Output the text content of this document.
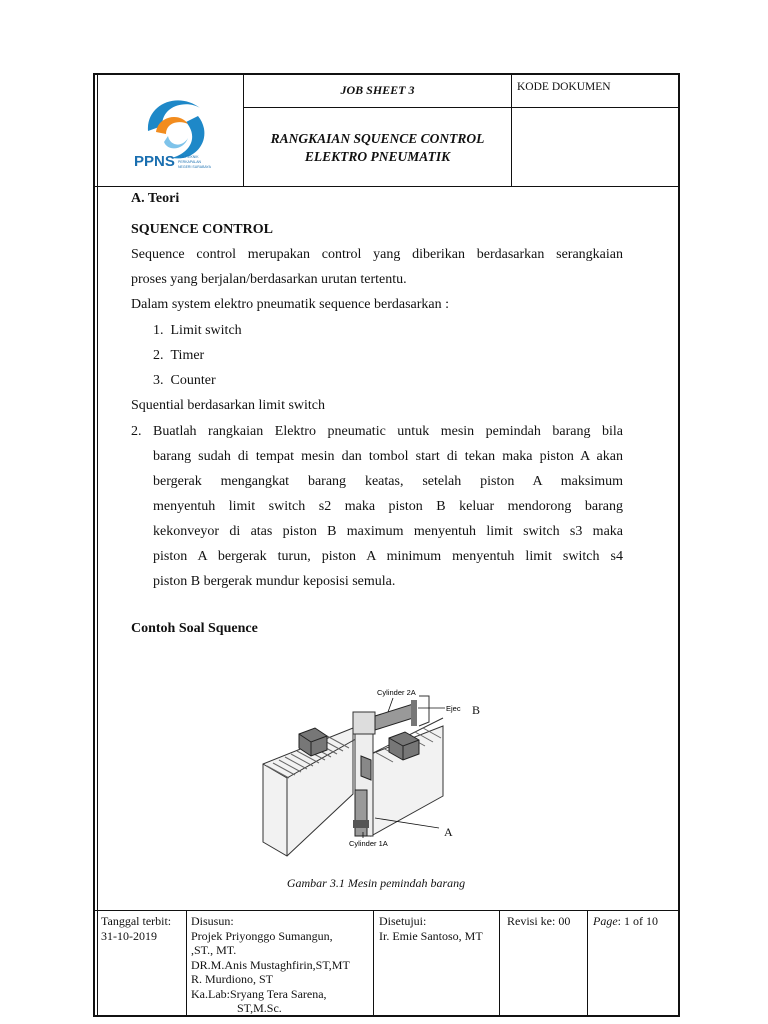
PPNS POLITEKNIK
PERKAPALAN
NEGERI SURABAYA
JOB SHEET 3	KODE DOKUMEN
RANGKAIAN SQUENCE CONTROL
ELEKTRO PNEUMATIK
A. Teori
SQUENCE CONTROL
Sequence control merupakan control yang diberikan berdasarkan serangkaian
proses yang berjalan/berdasarkan urutan tertentu.
Dalam system elektro pneumatik sequence berdasarkan :
1. Limit switch
2. Timer
3. Counter
Squential berdasarkan limit switch
2. Buatlah rangkaian Elektro pneumatic untuk mesin pemindah barang bila
barang sudah di tempat mesin dan tombol start di tekan maka piston A akan
bergerak mengangkat barang keatas, setelah piston A maksimum
menyentuh limit switch s2 maka piston B keluar mendorong barang
kekonveyor di atas piston B maximum menyentuh limit switch s3 maka
piston A bergerak turun, piston A minimum menyentuh limit switch s4
piston B bergerak mundur keposisi semula.
Contoh Soal Squence
Cylinder 2A
Ejec
Cylinder 1A
B
A
Gambar 3.1 Mesin pemindah barang
Tanggal terbit:
31-10-2019
Disusun:
Projek Priyonggo Sumangun,
,ST., MT.
DR.M.Anis Mustaghfirin,ST,MT
R. Murdiono, ST
Ka.Lab:Sryang Tera Sarena,
ST,M.Sc.
Disetujui:
Ir. Emie Santoso, MT
Revisi ke: 00 Page: 1 of 10
